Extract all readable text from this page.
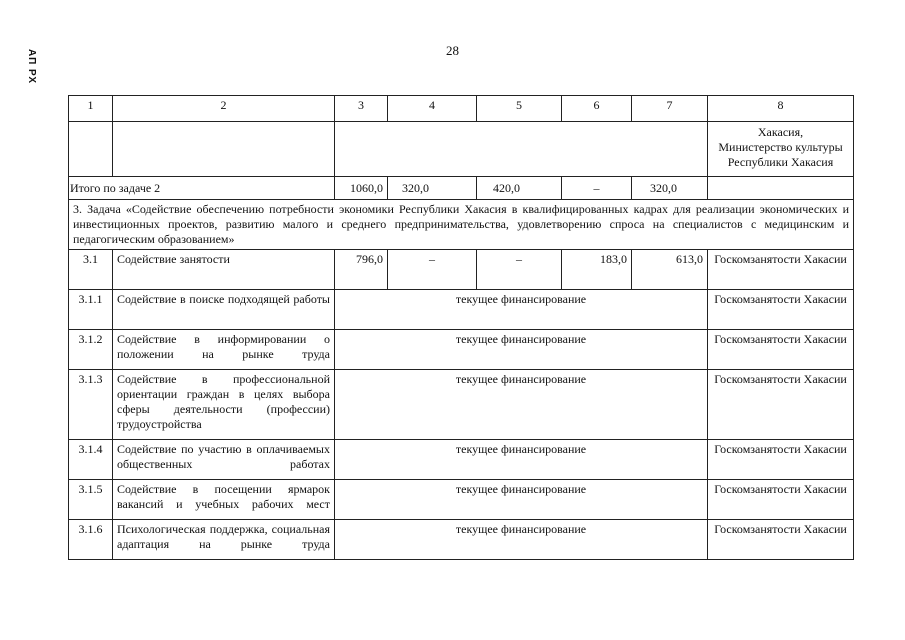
АП РХ	28
1	2	3	4	5	6	7	8
							Хакасия,
Министерство культуры
Республики Хакасия
Итого по задаче 2		1060,0	320,0	420,0	–	320,0	
3. Задача «Содействие обеспечению потребности экономики Республики Хакасия в квалифицированных кадрах для реализации экономических и инвестиционных проектов, развитию малого и среднего предпринимательства, удовлетворению спроса на специалистов с медицинским и педагогическим образованием»							
3.1	Содействие занятости	796,0	–	–	183,0	613,0	Госкомзанятости Хакасии
3.1.1	Содействие в поиске подходящей работы	текущее финансирование					Госкомзанятости Хакасии
3.1.2	Содействие в информировании о положении на рынке труда	текущее финансирование					Госкомзанятости Хакасии
3.1.3	Содействие в профессиональной ориентации граждан в целях выбора сферы деятельности (профессии) трудоустройства	текущее финансирование					Госкомзанятости Хакасии
3.1.4	Содействие по участию в оплачиваемых общественных работах	текущее финансирование					Госкомзанятости Хакасии
3.1.5	Содействие в посещении ярмарок вакансий и учебных рабочих мест	текущее финансирование					Госкомзанятости Хакасии
3.1.6	Психологическая поддержка, социальная адаптация на рынке труда	текущее финансирование					Госкомзанятости Хакасии
